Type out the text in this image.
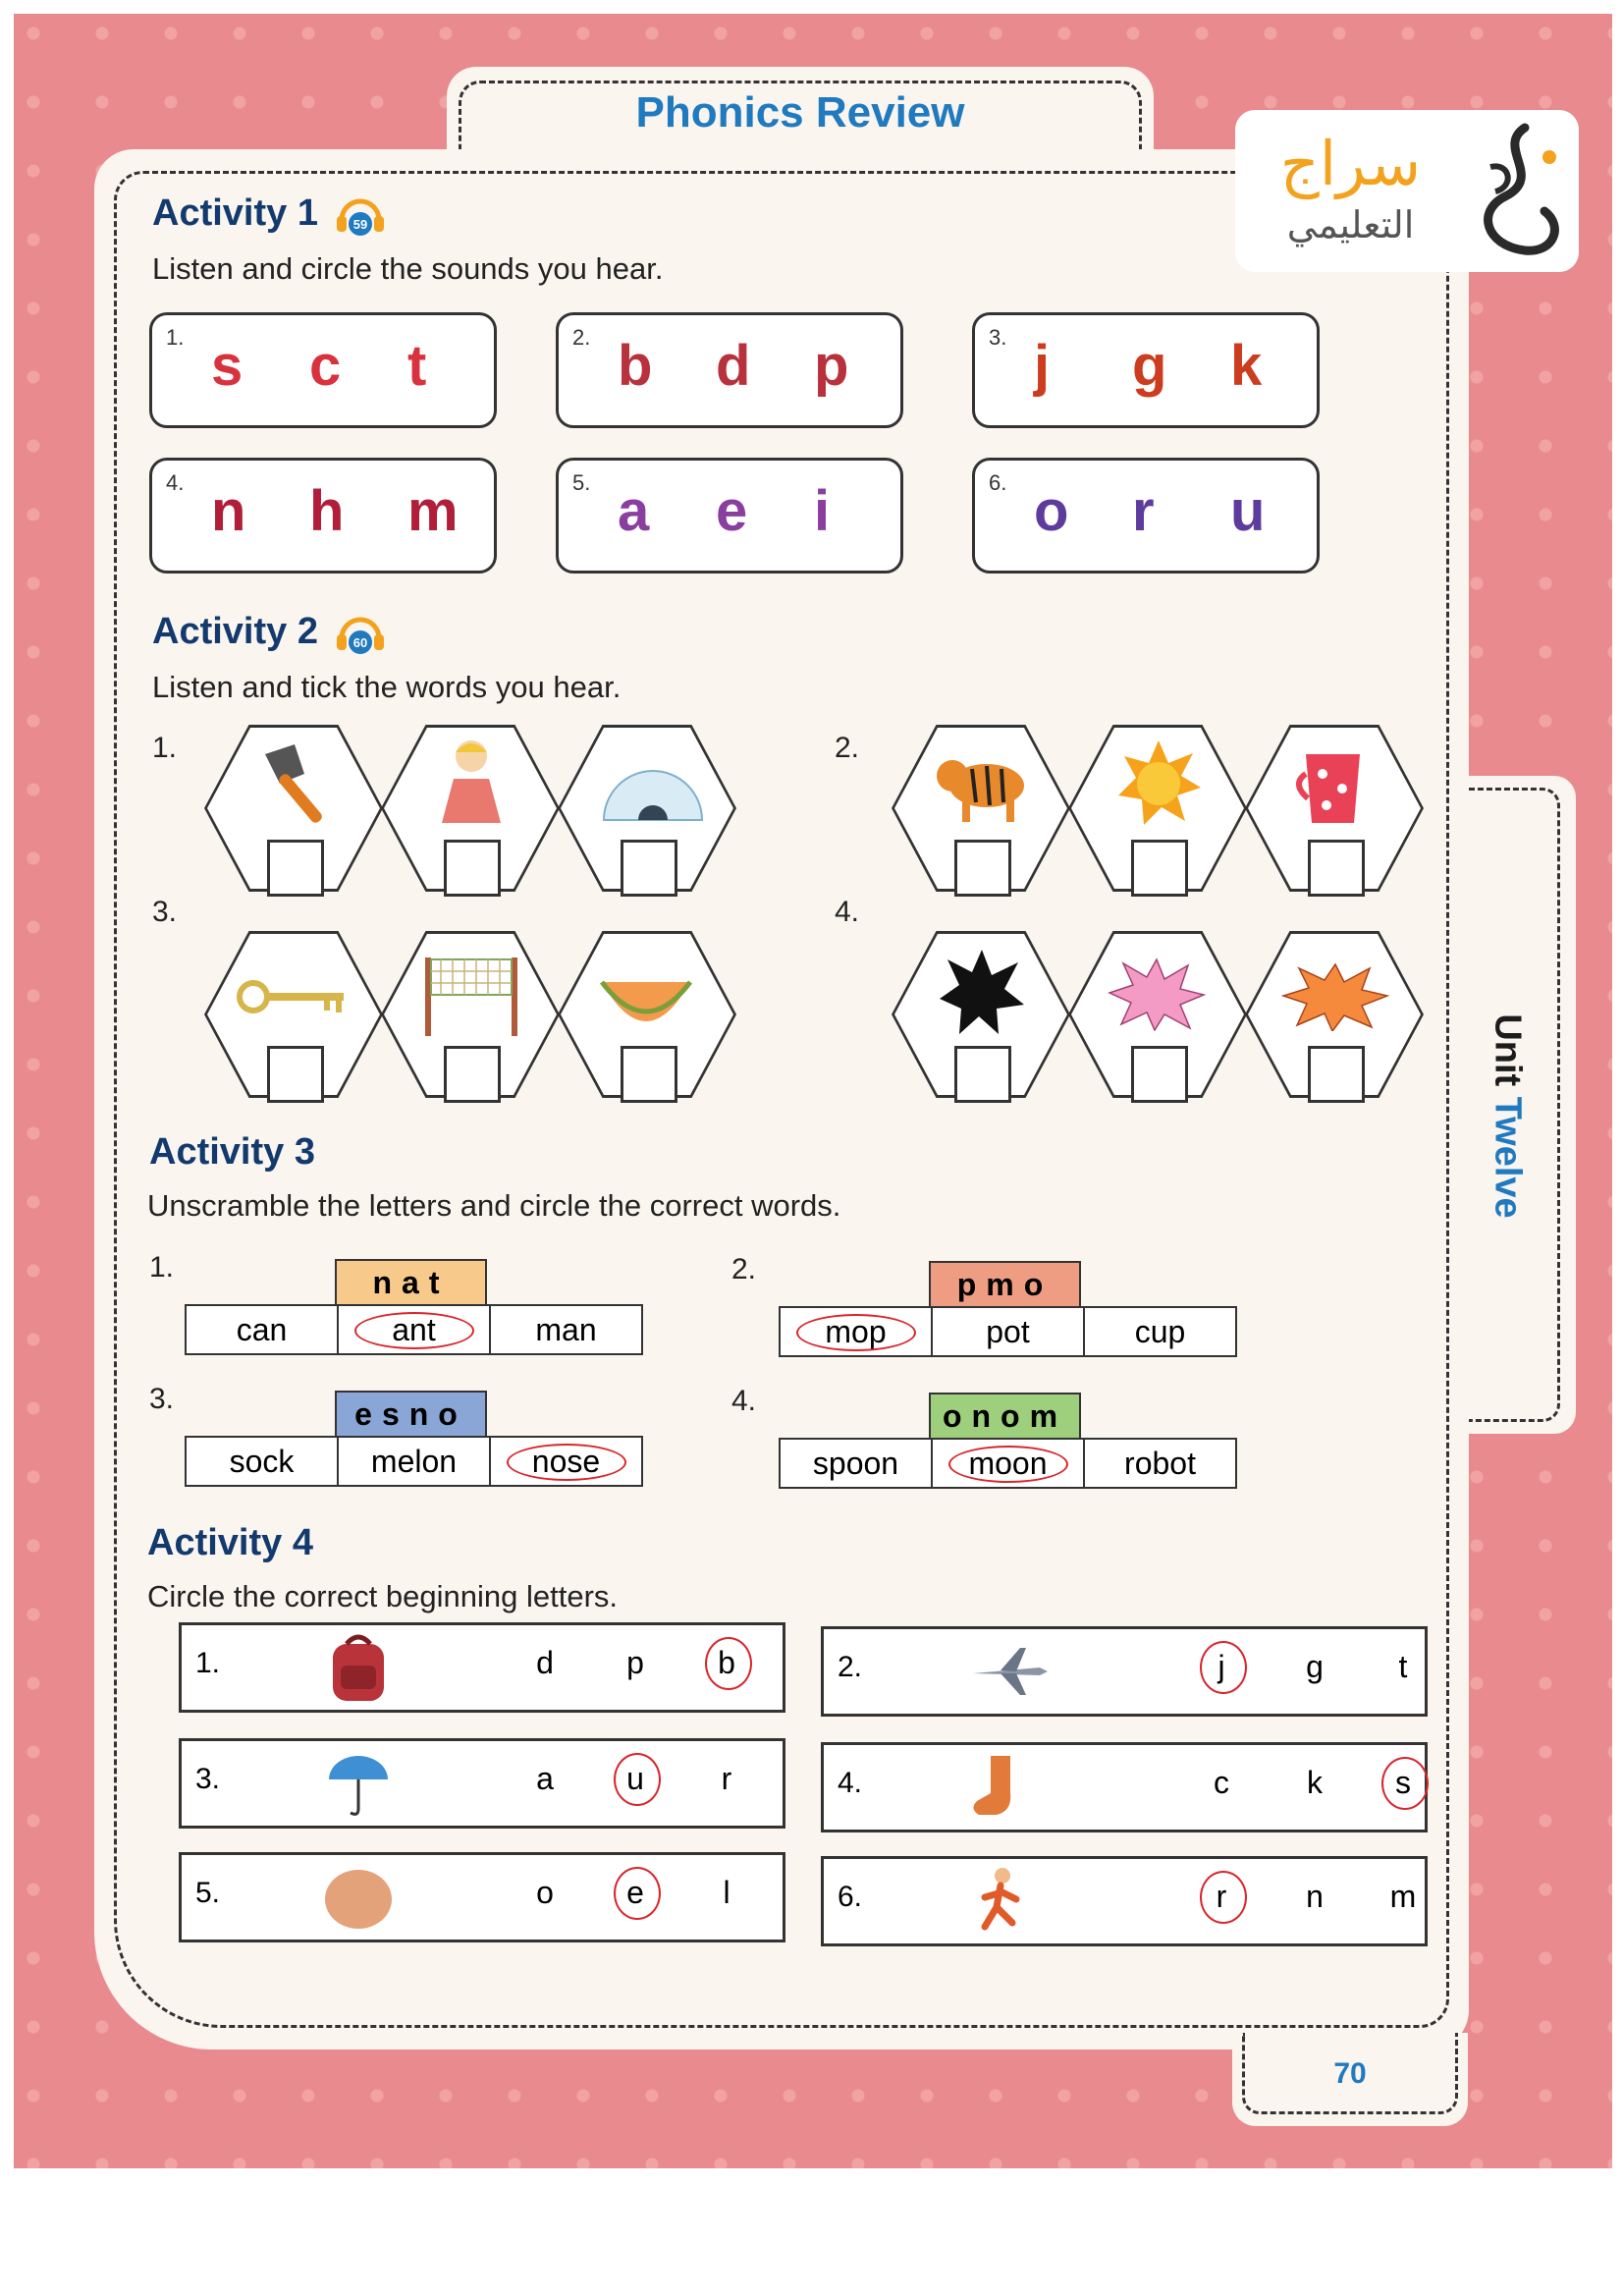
Unit Twelve
Phonics Review
70
سراج
التعليمي
Activity 1	59
Listen and circle the sounds you hear.
1. s c t	2. b d p	3. j g k
4. n h m	5. a e i	6. o r u
Activity 2	60
Listen and tick the words you hear.
1.	2.
3.	4.
Activity 3
Unscramble the letters and circle the correct words.
1.	nat
can	ant	man
2.	pmo
mop	pot	cup
3.	esno
sock	melon	nose
4.	onom
spoon	moon	robot
Activity 4
Circle the correct beginning letters.
1.	d	p	b	2.	j	g	t
3.	a	u	r	4.	c	k	s
5.	o	e	l	6.	r	n	m
